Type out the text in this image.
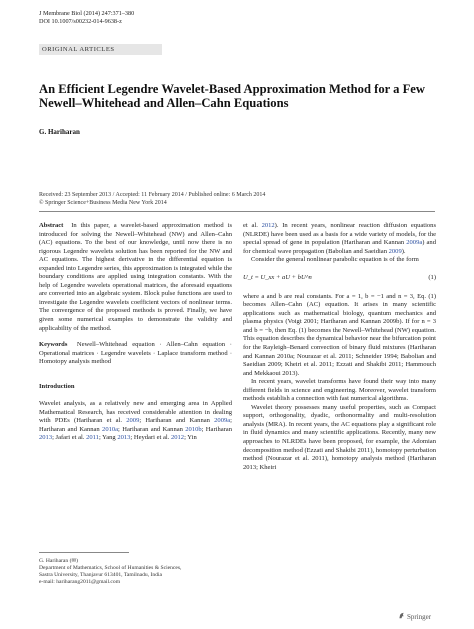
J Membrane Biol (2014) 247:371–380
DOI 10.1007/s00232-014-9638-z
ORIGINAL ARTICLES
An Efficient Legendre Wavelet-Based Approximation Method for a Few Newell–Whitehead and Allen–Cahn Equations
G. Hariharan
Received: 23 September 2013 / Accepted: 11 February 2014 / Published online: 6 March 2014
© Springer Science+Business Media New York 2014

Abstract In this paper, a wavelet-based approximation method is introduced for solving the Newell–Whitehead (NW) and Allen–Cahn (AC) equations. To the best of our knowledge, until now there is no rigorous Legendre wavelets solution has been reported for the NW and AC equations. The highest derivative in the differential equation is expanded into Legendre series, this approximation is integrated while the boundary conditions are applied using integration constants. With the help of Legendre wavelets operational matrices, the aforesaid equations are converted into an algebraic system. Block pulse functions are used to investigate the Legendre wavelets coefficient vectors of nonlinear terms. The convergence of the proposed methods is proved. Finally, we have given some numerical examples to demonstrate the validity and applicability of the method.

Keywords Newell–Whitehead equation · Allen–Cahn equation · Operational matrices · Legendre wavelets · Laplace transform method · Homotopy analysis method

Introduction

Wavelet analysis, as a relatively new and emerging area in Applied Mathematical Research, has received considerable attention in dealing with PDEs (Hariharan et al. 2009; Hariharan and Kannan 2009a; Hariharan and Kannan 2010a; Hariharan and Kannan 2010b; Hariharan 2013; Jafari et al. 2011; Yang 2013; Heydari et al. 2012; Yin

et al. 2012). In recent years, nonlinear reaction diffusion equations (NLRDE) have been used as a basis for a wide variety of models, for the special spread of gene in population (Hariharan and Kannan 2009a) and for chemical wave propagation (Babolian and Saeidian 2009).

Consider the general nonlinear parabolic equation is of the form

U_t = U_xx + aU + bU^n	(1)

where a and b are real constants. For a = 1, b = −1 and n = 3, Eq. (1) becomes Allen–Cahn (AC) equation. It arises in many scientific applications such as mathematical biology, quantum mechanics and plasma physics (Voigt 2001; Hariharan and Kannan 2009b). If for n = 3 and b = −b, then Eq. (1) becomes the Newell–Whitehead (NW) equation. This equation describes the dynamical behavior near the bifurcation point for the Rayleigh–Benard convection of binary fluid mixtures (Hariharan and Kannan 2010a; Nourazar et al. 2011; Schneider 1994; Babolian and Saeidian 2009; Kheiri et al. 2011; Ezzati and Shakibi 2011; Hammouch and Mekkaoui 2013).

In recent years, wavelet transforms have found their way into many different fields in science and engineering. Moreover, wavelet transform methods establish a connection with fast numerical algorithms.

Wavelet theory possesses many useful properties, such as Compact support, orthogonality, dyadic, orthonormality and multi-resolution analysis (MRA). In recent years, the AC equations play a significant role in fluid dynamics and many scientific applications. Recently, many new approaches to NLRDEs have been proposed, for example, the Adomian decomposition method (Ezzati and Shakibi 2011), homotopy perturbation method (Nourazar et al. 2011), homotopy analysis method (Hariharan 2013; Kheiri

G. Hariharan (✉)
Department of Mathematics, School of Humanities & Sciences,
Sastra University, Thanjavur 613401, Tamilnadu, India
e-mail: hariharang2011@gmail.com
Springer
